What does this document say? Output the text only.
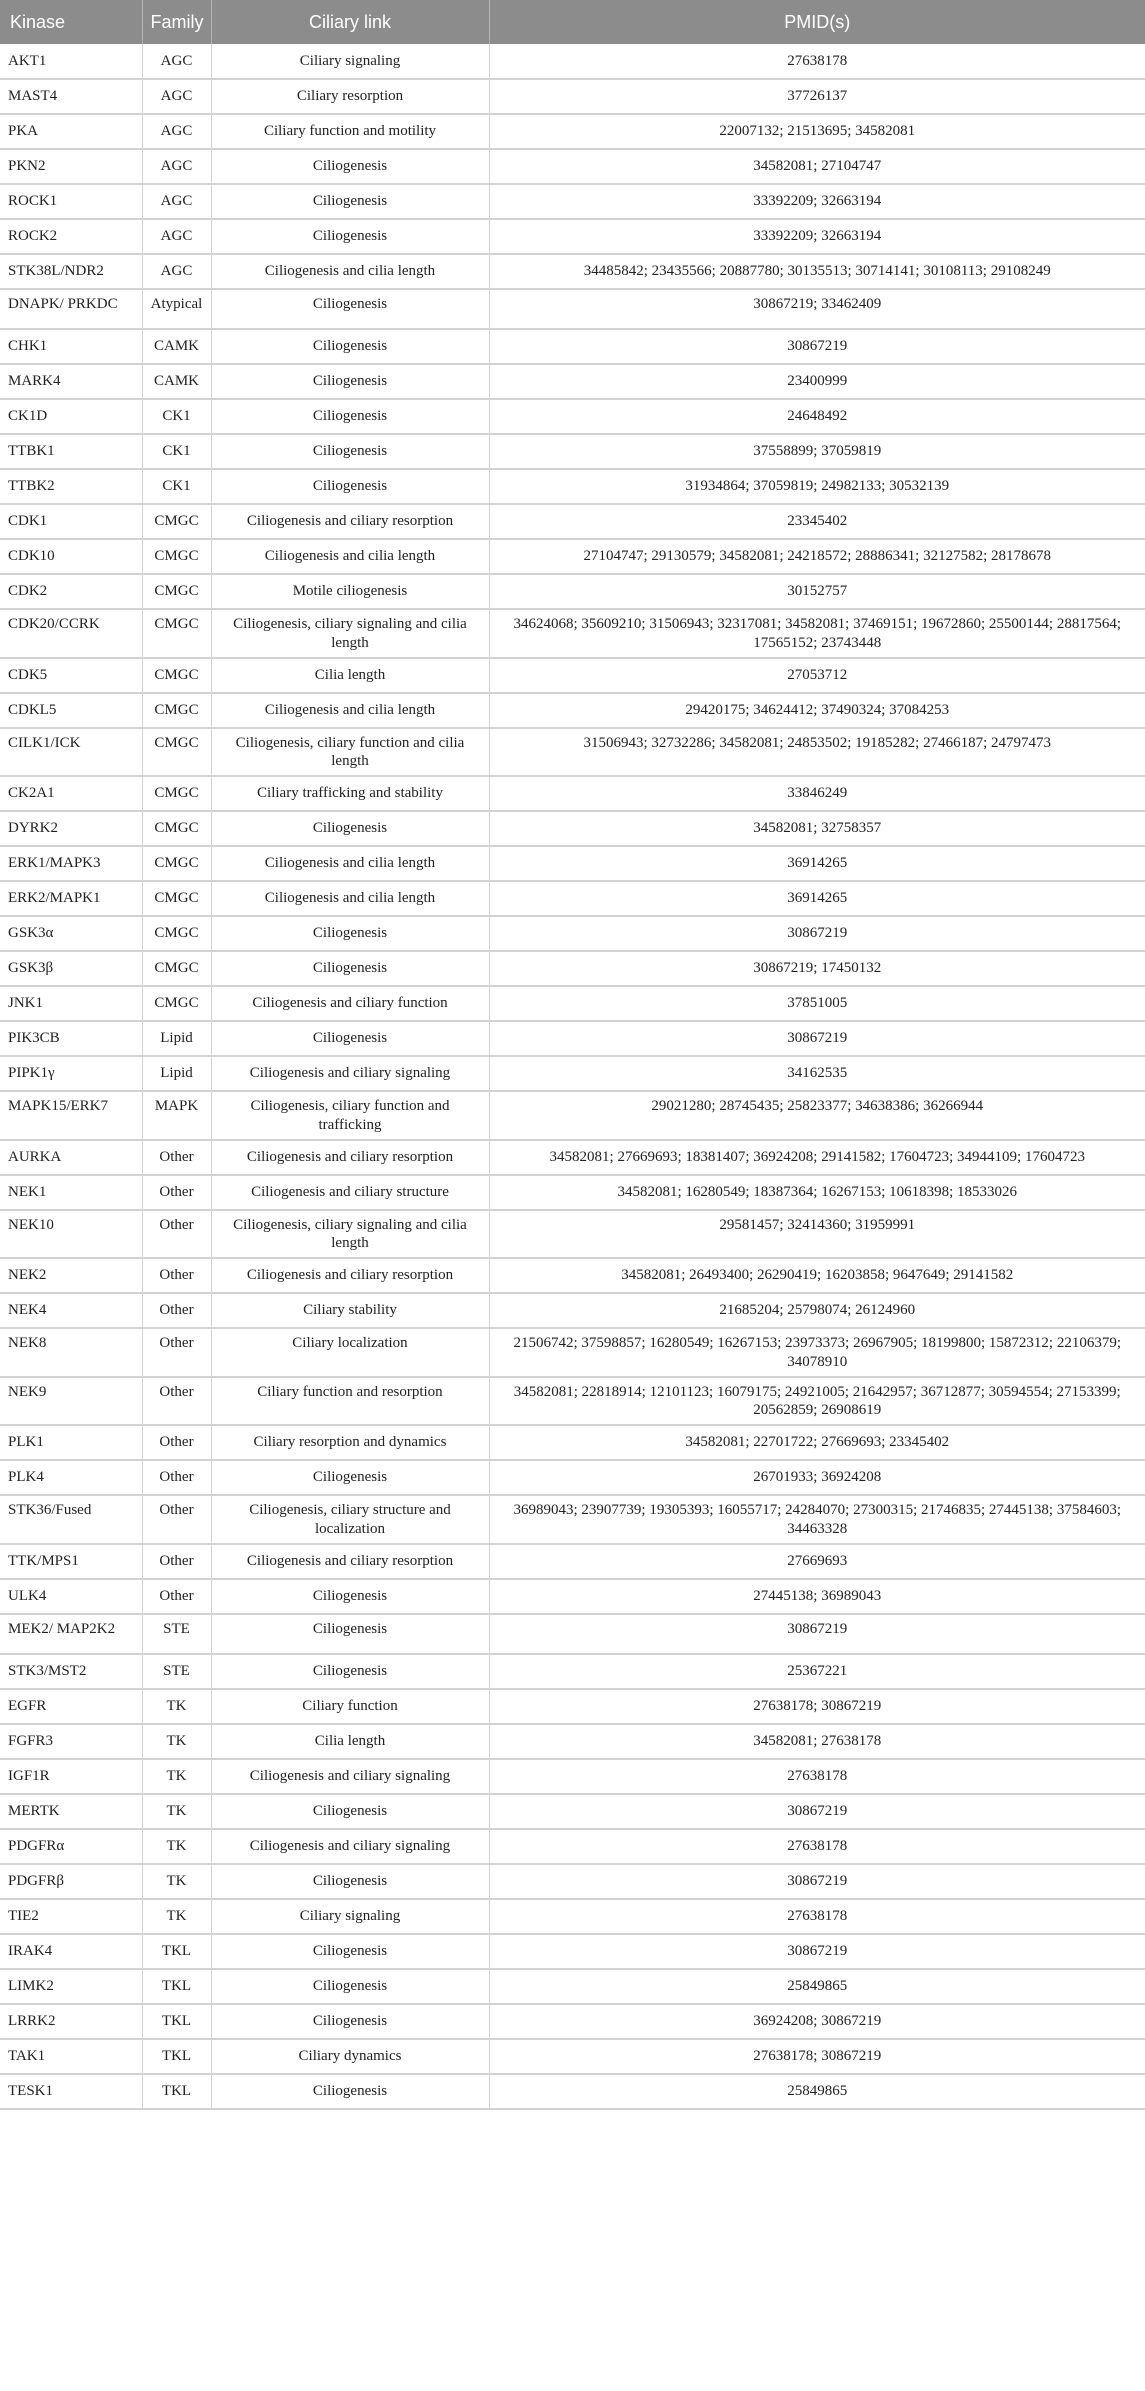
Kinase	Family	Ciliary link	PMID(s)
AKT1	AGC	Ciliary signaling	27638178
MAST4	AGC	Ciliary resorption	37726137
PKA	AGC	Ciliary function and motility	22007132; 21513695; 34582081
PKN2	AGC	Ciliogenesis	34582081; 27104747
ROCK1	AGC	Ciliogenesis	33392209; 32663194
ROCK2	AGC	Ciliogenesis	33392209; 32663194
STK38L/NDR2	AGC	Ciliogenesis and cilia length	34485842; 23435566; 20887780; 30135513; 30714141; 30108113; 29108249
DNAPK/ PRKDC	Atypical	Ciliogenesis	30867219; 33462409
CHK1	CAMK	Ciliogenesis	30867219
MARK4	CAMK	Ciliogenesis	23400999
CK1D	CK1	Ciliogenesis	24648492
TTBK1	CK1	Ciliogenesis	37558899; 37059819
TTBK2	CK1	Ciliogenesis	31934864; 37059819; 24982133; 30532139
CDK1	CMGC	Ciliogenesis and ciliary resorption	23345402
CDK10	CMGC	Ciliogenesis and cilia length	27104747; 29130579; 34582081; 24218572; 28886341; 32127582; 28178678
CDK2	CMGC	Motile ciliogenesis	30152757
CDK20/CCRK	CMGC	Ciliogenesis, ciliary signaling and cilia length	34624068; 35609210; 31506943; 32317081; 34582081; 37469151; 19672860; 25500144; 28817564; 17565152; 23743448
CDK5	CMGC	Cilia length	27053712
CDKL5	CMGC	Ciliogenesis and cilia length	29420175; 34624412; 37490324; 37084253
CILK1/ICK	CMGC	Ciliogenesis, ciliary function and cilia length	31506943; 32732286; 34582081; 24853502; 19185282; 27466187; 24797473
CK2A1	CMGC	Ciliary trafficking and stability	33846249
DYRK2	CMGC	Ciliogenesis	34582081; 32758357
ERK1/MAPK3	CMGC	Ciliogenesis and cilia length	36914265
ERK2/MAPK1	CMGC	Ciliogenesis and cilia length	36914265
GSK3α	CMGC	Ciliogenesis	30867219
GSK3β	CMGC	Ciliogenesis	30867219; 17450132
JNK1	CMGC	Ciliogenesis and ciliary function	37851005
PIK3CB	Lipid	Ciliogenesis	30867219
PIPK1γ	Lipid	Ciliogenesis and ciliary signaling	34162535
MAPK15/ERK7	MAPK	Ciliogenesis, ciliary function and trafficking	29021280; 28745435; 25823377; 34638386; 36266944
AURKA	Other	Ciliogenesis and ciliary resorption	34582081; 27669693; 18381407; 36924208; 29141582; 17604723; 34944109; 17604723
NEK1	Other	Ciliogenesis and ciliary structure	34582081; 16280549; 18387364; 16267153; 10618398; 18533026
NEK10	Other	Ciliogenesis, ciliary signaling and cilia length	29581457; 32414360; 31959991
NEK2	Other	Ciliogenesis and ciliary resorption	34582081; 26493400; 26290419; 16203858; 9647649; 29141582
NEK4	Other	Ciliary stability	21685204; 25798074; 26124960
NEK8	Other	Ciliary localization	21506742; 37598857; 16280549; 16267153; 23973373; 26967905; 18199800; 15872312; 22106379; 34078910
NEK9	Other	Ciliary function and resorption	34582081; 22818914; 12101123; 16079175; 24921005; 21642957; 36712877; 30594554; 27153399; 20562859; 26908619
PLK1	Other	Ciliary resorption and dynamics	34582081; 22701722; 27669693; 23345402
PLK4	Other	Ciliogenesis	26701933; 36924208
STK36/Fused	Other	Ciliogenesis, ciliary structure and localization	36989043; 23907739; 19305393; 16055717; 24284070; 27300315; 21746835; 27445138; 37584603; 34463328
TTK/MPS1	Other	Ciliogenesis and ciliary resorption	27669693
ULK4	Other	Ciliogenesis	27445138; 36989043
MEK2/ MAP2K2	STE	Ciliogenesis	30867219
STK3/MST2	STE	Ciliogenesis	25367221
EGFR	TK	Ciliary function	27638178; 30867219
FGFR3	TK	Cilia length	34582081; 27638178
IGF1R	TK	Ciliogenesis and ciliary signaling	27638178
MERTK	TK	Ciliogenesis	30867219
PDGFRα	TK	Ciliogenesis and ciliary signaling	27638178
PDGFRβ	TK	Ciliogenesis	30867219
TIE2	TK	Ciliary signaling	27638178
IRAK4	TKL	Ciliogenesis	30867219
LIMK2	TKL	Ciliogenesis	25849865
LRRK2	TKL	Ciliogenesis	36924208; 30867219
TAK1	TKL	Ciliary dynamics	27638178; 30867219
TESK1	TKL	Ciliogenesis	25849865
